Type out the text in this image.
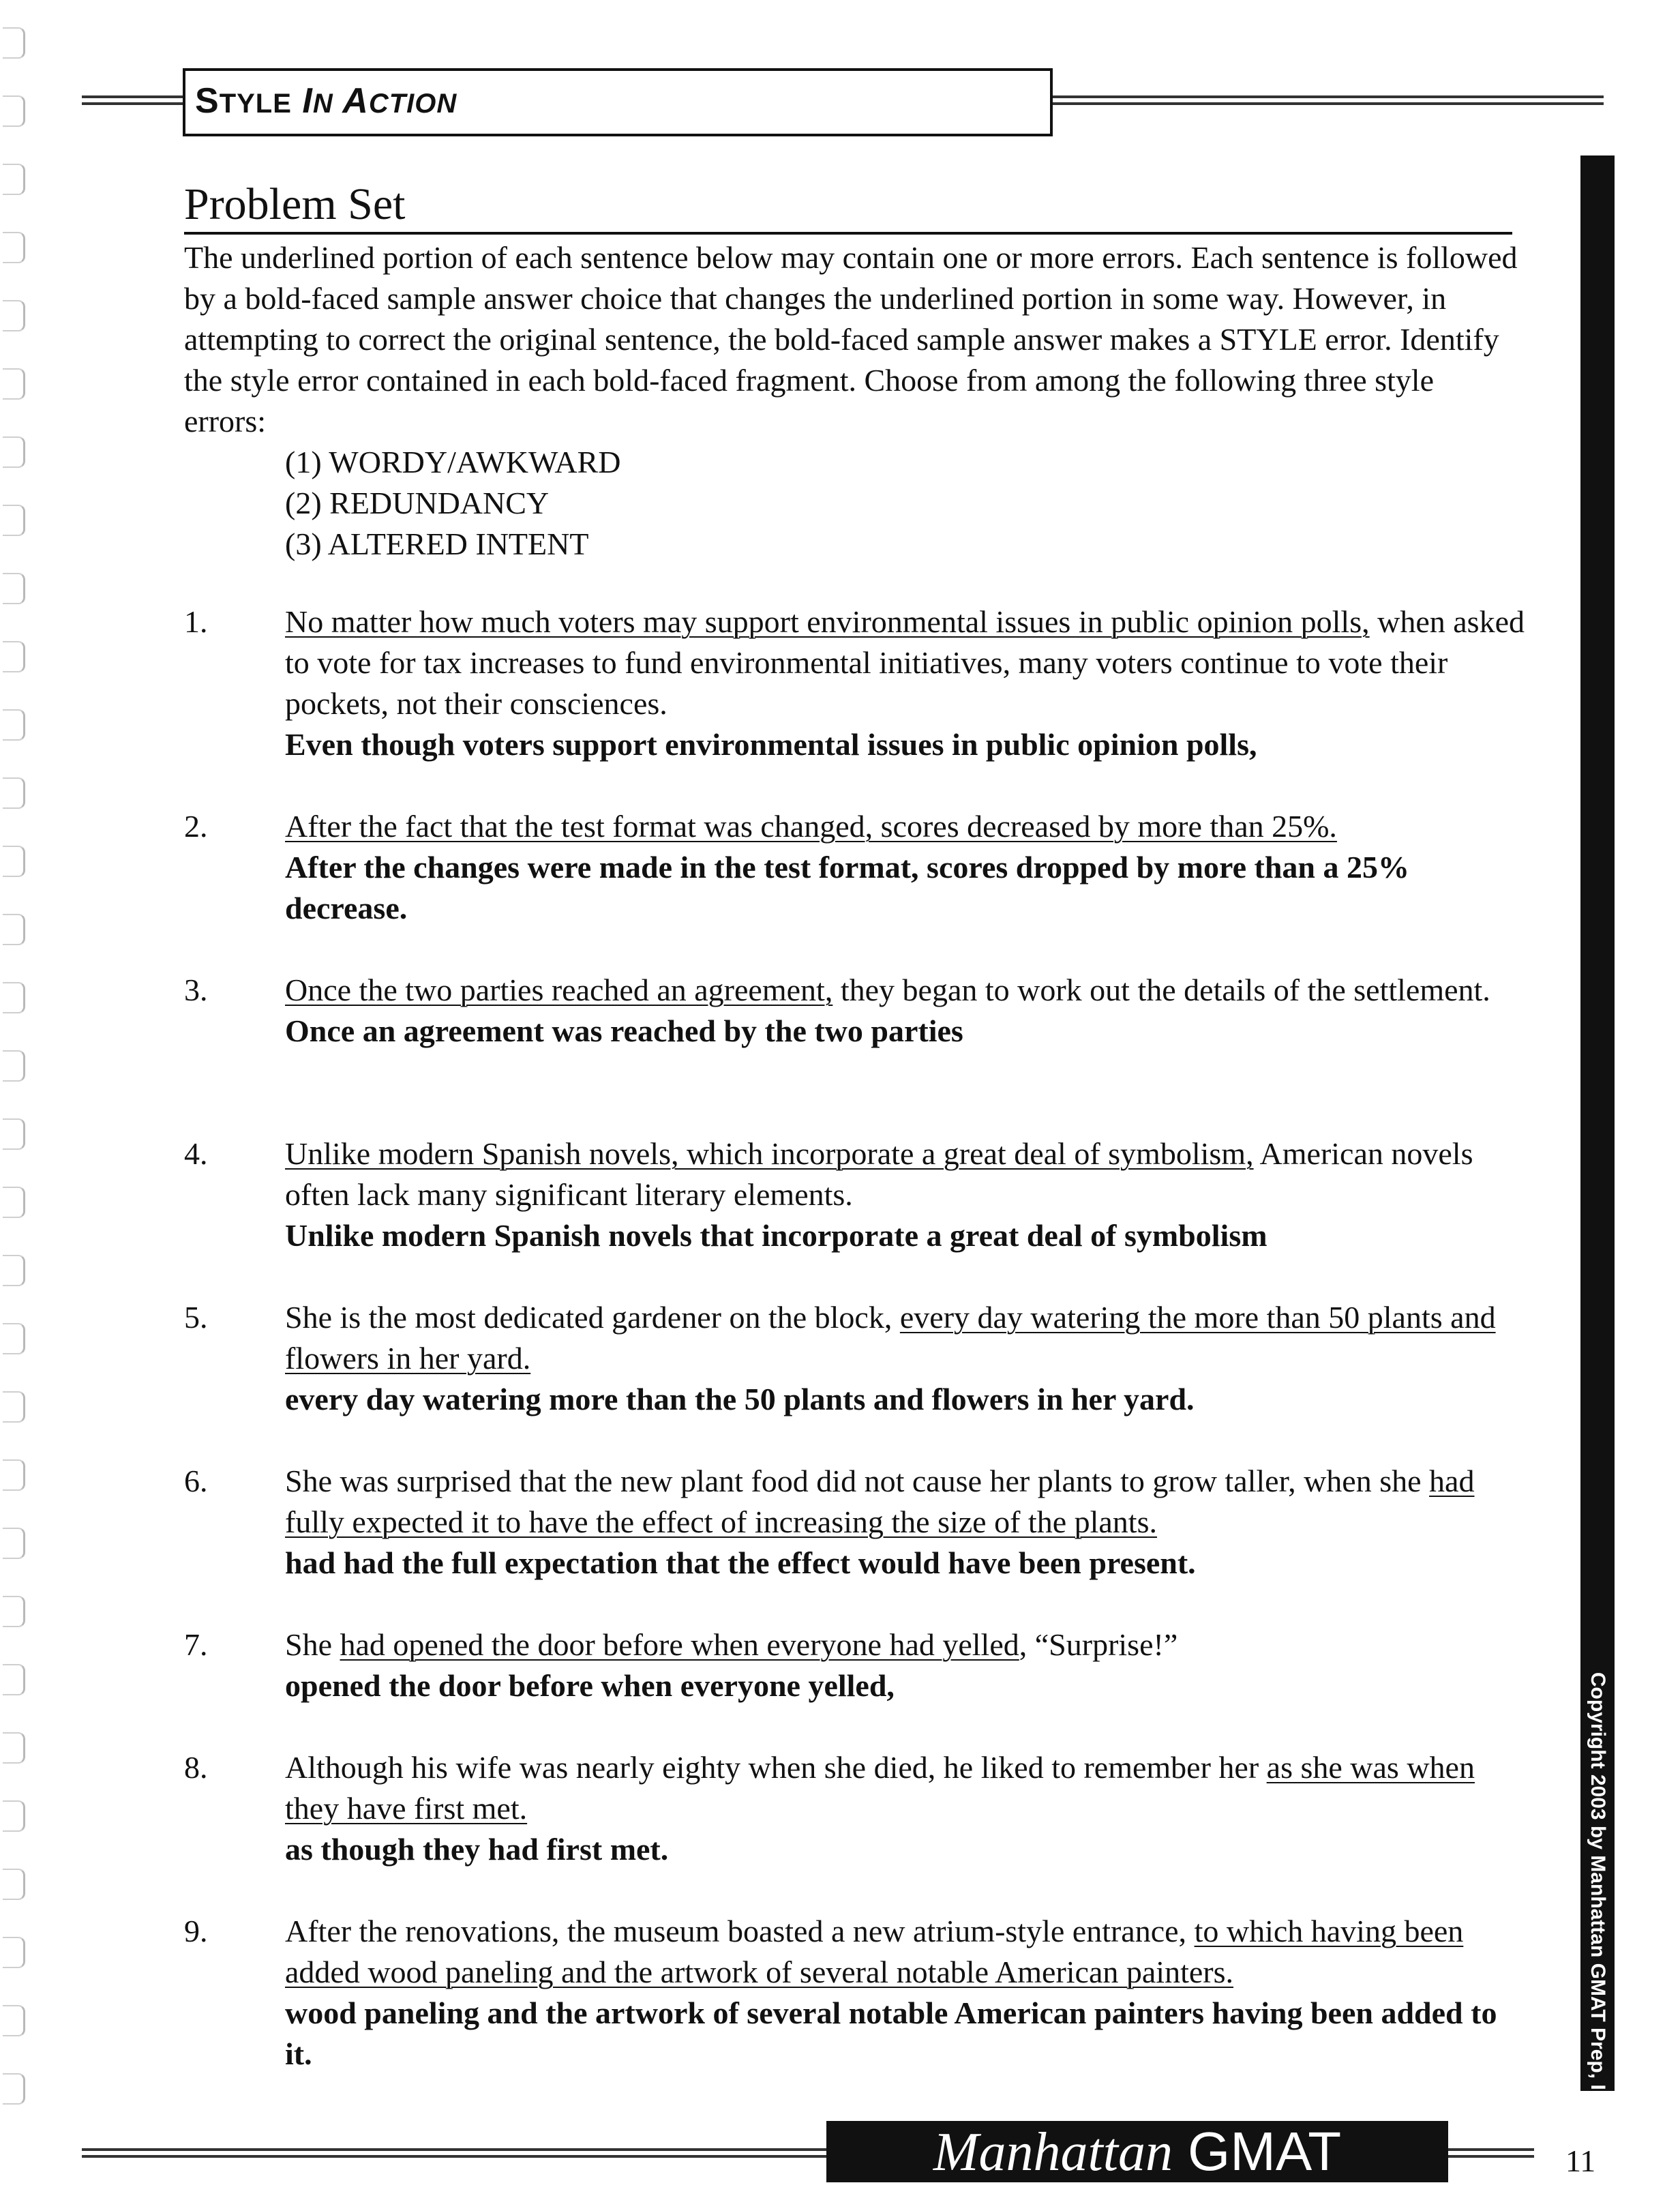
STYLE IN ACTION
Problem Set

The underlined portion of each sentence below may contain one or more errors. Each sentence is followed by a bold-faced sample answer choice that changes the underlined portion in some way. However, in attempting to correct the original sentence, the bold-faced sample answer makes a STYLE error. Identify the style error contained in each bold-faced fragment. Choose from among the following three style errors:

(1) WORDY/AWKWARD
(2) REDUNDANCY
(3) ALTERED INTENT
1. No matter how much voters may support environmental issues in public opinion polls, when asked to vote for tax increases to fund environmental initiatives, many voters continue to vote their pockets, not their consciences.
Even though voters support environmental issues in public opinion polls,
2. After the fact that the test format was changed, scores decreased by more than 25%.
After the changes were made in the test format, scores dropped by more than a 25% decrease.
3. Once the two parties reached an agreement, they began to work out the details of the settlement.
Once an agreement was reached by the two parties
4. Unlike modern Spanish novels, which incorporate a great deal of symbolism, American novels often lack many significant literary elements.
Unlike modern Spanish novels that incorporate a great deal of symbolism
5. She is the most dedicated gardener on the block, every day watering the more than 50 plants and flowers in her yard.
every day watering more than the 50 plants and flowers in her yard.
6. She was surprised that the new plant food did not cause her plants to grow taller, when she had fully expected it to have the effect of increasing the size of the plants.
had had the full expectation that the effect would have been present.
7. She had opened the door before when everyone had yelled, “Surprise!”
opened the door before when everyone yelled,
8. Although his wife was nearly eighty when she died, he liked to remember her as she was when they have first met.
as though they had first met.
9. After the renovations, the museum boasted a new atrium-style entrance, to which having been added wood paneling and the artwork of several notable American painters.
wood paneling and the artwork of several notable American painters having been added to it.	Copyright 2003 by Manhattan GMAT Prep, Inc.
Manhattan GMAT	11
